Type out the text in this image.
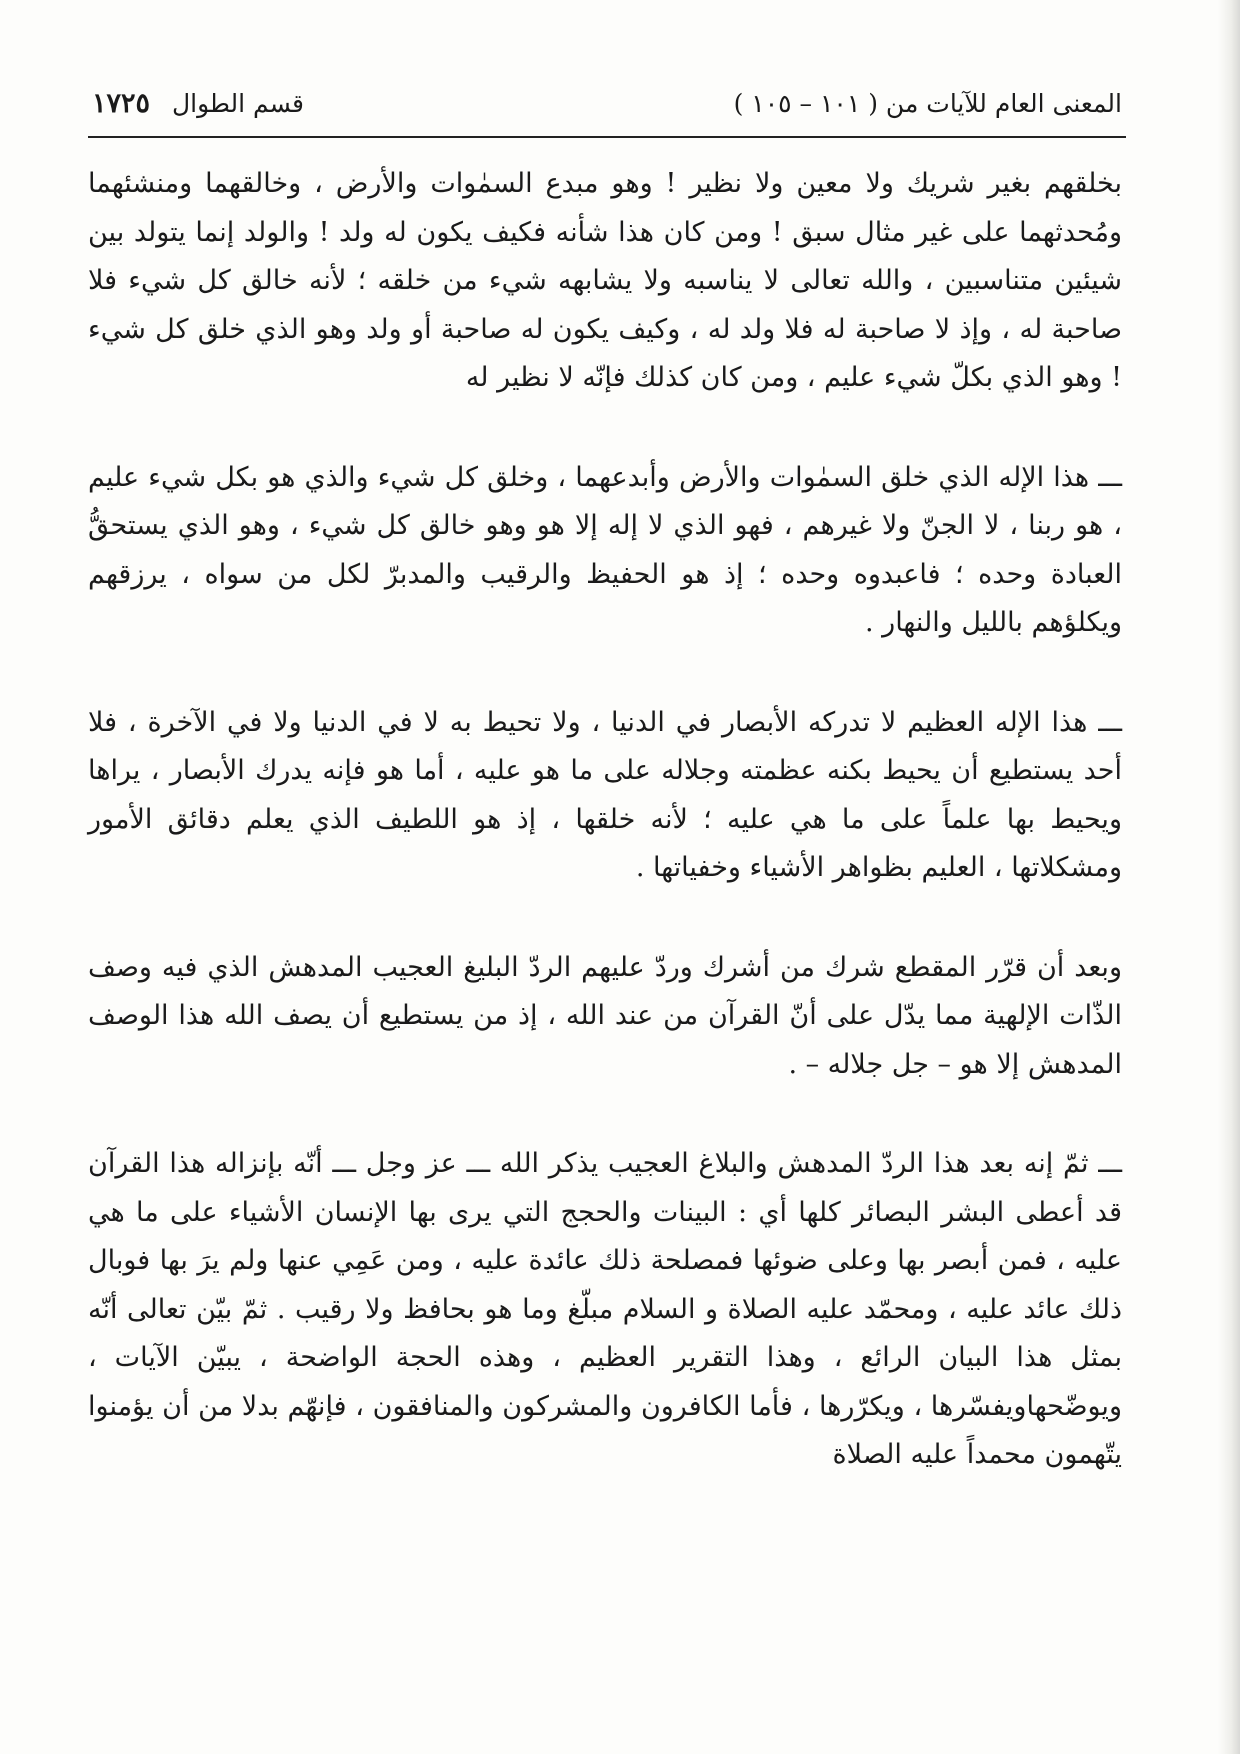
المعنى العام للآيات من ( ١٠١ – ١٠٥ )
قسم الطوال١٧٢٥

بخلقهم بغير شريك ولا معين ولا نظير ! وهو مبدع السمٰوات والأرض ، وخالقهما ومنشئهما ومُحدثهما على غير مثال سبق ! ومن كان هذا شأنه فكيف يكون له ولد ! والولد إنما يتولد بين شيئين متناسبين ، والله تعالى لا يناسبه ولا يشابهه شيء من خلقه ؛ لأنه خالق كل شيء فلا صاحبة له ، وإذ لا صاحبة له فلا ولد له ، وكيف يكون له صاحبة أو ولد وهو الذي خلق كل شيء ! وهو الذي بكلّ شيء عليم ، ومن كان كذلك فإنّه لا نظير له

ـــ هذا الإله الذي خلق السمٰوات والأرض وأبدعهما ، وخلق كل شيء والذي هو بكل شيء عليم ، هو ربنا ، لا الجنّ ولا غيرهم ، فهو الذي لا إله إلا هو وهو خالق كل شيء ، وهو الذي يستحقُّ العبادة وحده ؛ فاعبدوه وحده ؛ إذ هو الحفيظ والرقيب والمدبرّ لكل من سواه ، يرزقهم ويكلؤهم بالليل والنهار .

ـــ هذا الإله العظيم لا تدركه الأبصار في الدنيا ، ولا تحيط به لا في الدنيا ولا في الآخرة ، فلا أحد يستطيع أن يحيط بكنه عظمته وجلاله على ما هو عليه ، أما هو فإنه يدرك الأبصار ، يراها ويحيط بها علماً على ما هي عليه ؛ لأنه خلقها ، إذ هو اللطيف الذي يعلم دقائق الأمور ومشكلاتها ، العليم بظواهر الأشياء وخفياتها .

وبعد أن قرّر المقطع شرك من أشرك وردّ عليهم الردّ البليغ العجيب المدهش الذي فيه وصف الذّات الإلهية مما يدّل على أنّ القرآن من عند الله ، إذ من يستطيع أن يصف الله هذا الوصف المدهش إلا هو – جل جلاله – .

ـــ ثمّ إنه بعد هذا الردّ المدهش والبلاغ العجيب يذكر الله ـــ عز وجل ـــ أنّه بإنزاله هذا القرآن قد أعطى البشر البصائر كلها أي : البينات والحجج التي يرى بها الإنسان الأشياء على ما هي عليه ، فمن أبصر بها وعلى ضوئها فمصلحة ذلك عائدة عليه ، ومن عَمِي عنها ولم يرَ بها فوبال ذلك عائد عليه ، ومحمّد عليه الصلاة و السلام مبلّغ وما هو بحافظ ولا رقيب . ثمّ بيّن تعالى أنّه بمثل هذا البيان الرائع ، وهذا التقرير العظيم ، وهذه الحجة الواضحة ، يبيّن الآيات ، ويوضّحهاويفسّرها ، ويكرّرها ، فأما الكافرون والمشركون والمنافقون ، فإنهّم بدلا من أن يؤمنوا يتّهمون محمداً عليه الصلاة
